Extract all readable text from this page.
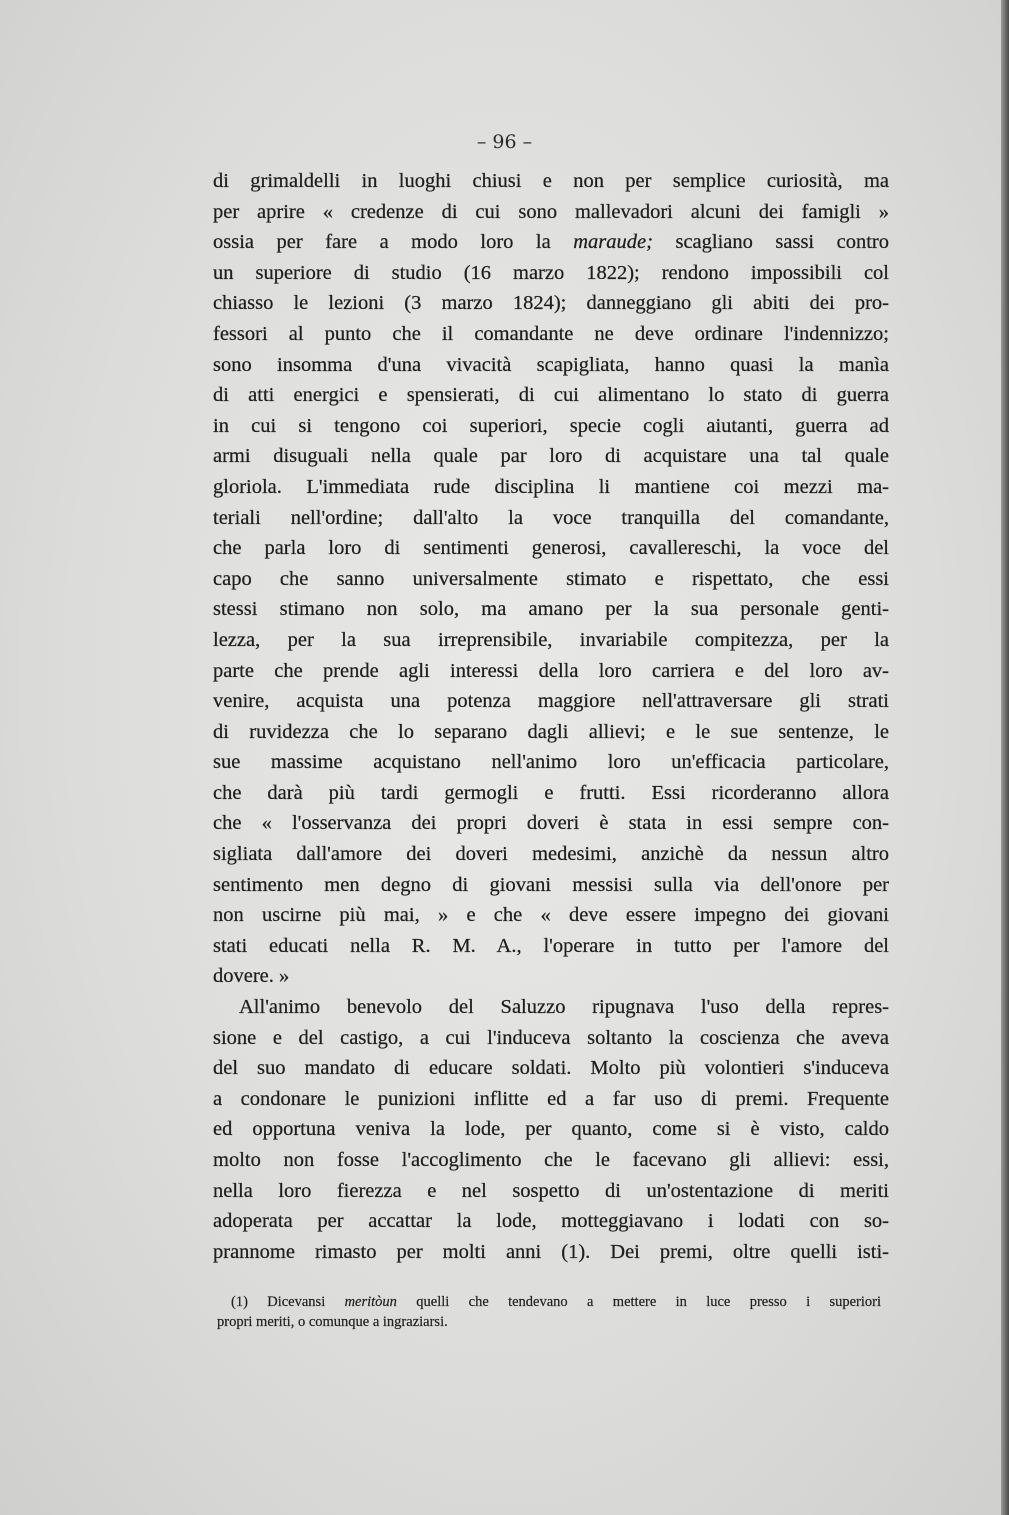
– 96 –
di grimaldelli in luoghi chiusi e non per semplice curiosità, ma
per aprire « credenze di cui sono mallevadori alcuni dei famigli »
ossia per fare a modo loro la maraude; scagliano sassi contro
un superiore di studio (16 marzo 1822); rendono impossibili col
chiasso le lezioni (3 marzo 1824); danneggiano gli abiti dei pro-
fessori al punto che il comandante ne deve ordinare l'indennizzo;
sono insomma d'una vivacità scapigliata, hanno quasi la manìa
di atti energici e spensierati, di cui alimentano lo stato di guerra
in cui si tengono coi superiori, specie cogli aiutanti, guerra ad
armi disuguali nella quale par loro di acquistare una tal quale
gloriola. L'immediata rude disciplina li mantiene coi mezzi ma-
teriali nell'ordine; dall'alto la voce tranquilla del comandante,
che parla loro di sentimenti generosi, cavallereschi, la voce del
capo che sanno universalmente stimato e rispettato, che essi
stessi stimano non solo, ma amano per la sua personale genti-
lezza, per la sua irreprensibile, invariabile compitezza, per la
parte che prende agli interessi della loro carriera e del loro av-
venire, acquista una potenza maggiore nell'attraversare gli strati
di ruvidezza che lo separano dagli allievi; e le sue sentenze, le
sue massime acquistano nell'animo loro un'efficacia particolare,
che darà più tardi germogli e frutti. Essi ricorderanno allora
che « l'osservanza dei propri doveri è stata in essi sempre con-
sigliata dall'amore dei doveri medesimi, anzichè da nessun altro
sentimento men degno di giovani messisi sulla via dell'onore per
non uscirne più mai, » e che « deve essere impegno dei giovani
stati educati nella R. M. A., l'operare in tutto per l'amore del
dovere. »
All'animo benevolo del Saluzzo ripugnava l'uso della repres-
sione e del castigo, a cui l'induceva soltanto la coscienza che aveva
del suo mandato di educare soldati. Molto più volontieri s'induceva
a condonare le punizioni inflitte ed a far uso di premi. Frequente
ed opportuna veniva la lode, per quanto, come si è visto, caldo
molto non fosse l'accoglimento che le facevano gli allievi: essi,
nella loro fierezza e nel sospetto di un'ostentazione di meriti
adoperata per accattar la lode, motteggiavano i lodati con so-
prannome rimasto per molti anni (1). Dei premi, oltre quelli isti-
(1) Dicevansi meritòun quelli che tendevano a mettere in luce presso i superiori
propri meriti, o comunque a ingraziarsi.
